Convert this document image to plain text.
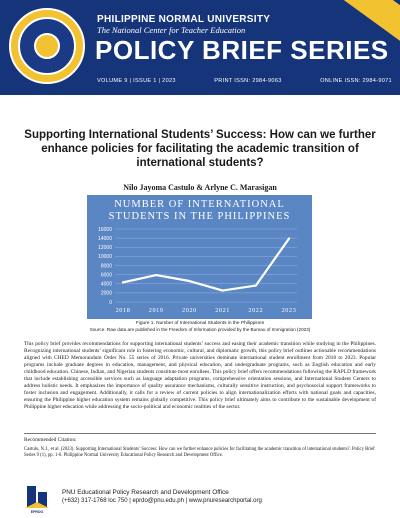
PHILIPPINE NORMAL UNIVERSITY
The National Center for Teacher Education
POLICY BRIEF SERIES
VOLUME 9 | ISSUE 1 | 2023	PRINT ISSN: 2984-9063	ONLINE ISSN: 2984-9071
Supporting International Students’ Success: How can we further enhance policies for facilitating the academic transition of international students?
Nilo Jayoma Castulo & Arlyne C. Marasigan
NUMBER OF INTERNATIONAL
STUDENTS IN THE PHILIPPINES
0
2000
4000
6000
8000
10000
12000
14000
16000
2018	2019	2020	2021	2022	2023
Figure 1. Number of International Students in the Philippines
Source. Raw data are published in the Freedom of Information provided by the Bureau of Immigration (2023)
This policy brief provides recommendations for supporting international students’ success and easing their academic transition while studying in the Philippines. Recognizing international students’ significant role in fostering economic, cultural, and diplomatic growth, this policy brief outlines actionable recommendations aligned with CHED Memorandum Order No. 55 series of 2016. Private universities dominate international student enrollment from 2018 to 2023. Popular programs include graduate degrees in education, management, and physical education, and undergraduate programs, such as English education and early childhood education. Chinese, Indian, and Nigerian students constitute most enrollees. This policy brief offers recommendations following the RAPLD framework that include establishing accessible services such as language adaptation programs, comprehensive orientation sessions, and International Student Centers to address holistic needs. It emphasizes the importance of quality assurance mechanisms, culturally sensitive instruction, and psychosocial support frameworks to foster inclusion and engagement. Additionally, it calls for a review of current policies to align internationalization efforts with national goals and capacities, ensuring the Philippine higher education system remains globally competitive. This policy brief ultimately aims to contribute to the sustainable development of Philippine higher education while addressing the socio-political and economic realities of the sector.
Recommended Citation:
Castulo, N.J., et al. (2023). Supporting International Students’ Success: How can we further enhance policies for facilitating the academic transition of international students?. Policy Brief Series 9 (1), pp. 1-6. Philippine Normal University Educational Policy Research and Development Office.
EPRDO
PNU Educational Policy Research and Development Office
(+632) 317-1768 loc 750 | eprdo@pnu.edu.ph | www.pnuresearchportal.org
